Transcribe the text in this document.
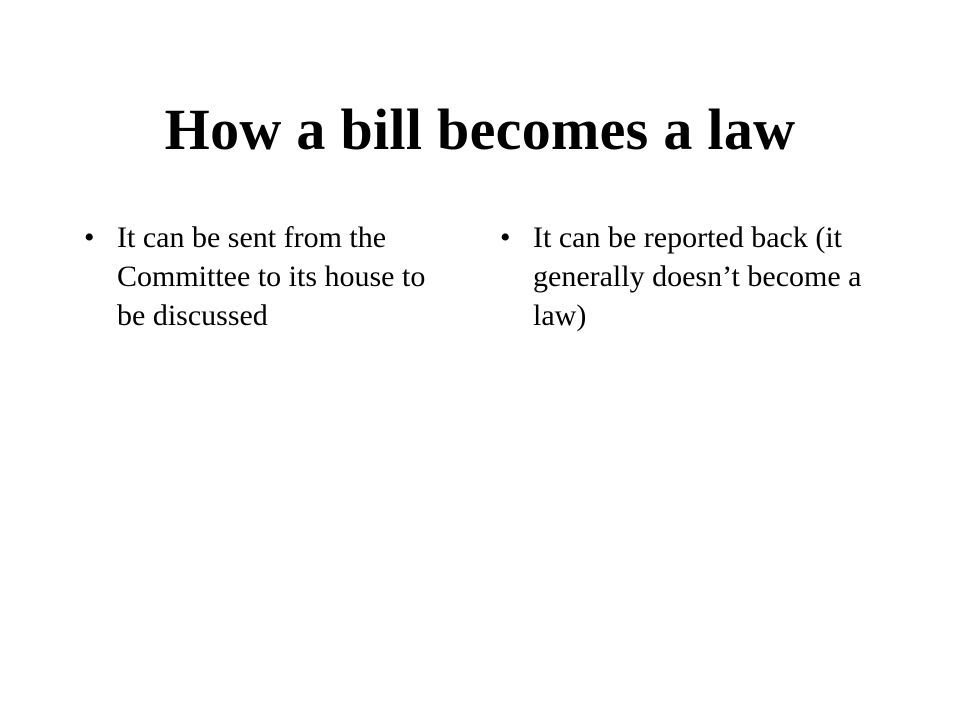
How a bill becomes a law
• It can be sent from the Committee to its house to be discussed
• It can be reported back (it generally doesn’t become a law)
